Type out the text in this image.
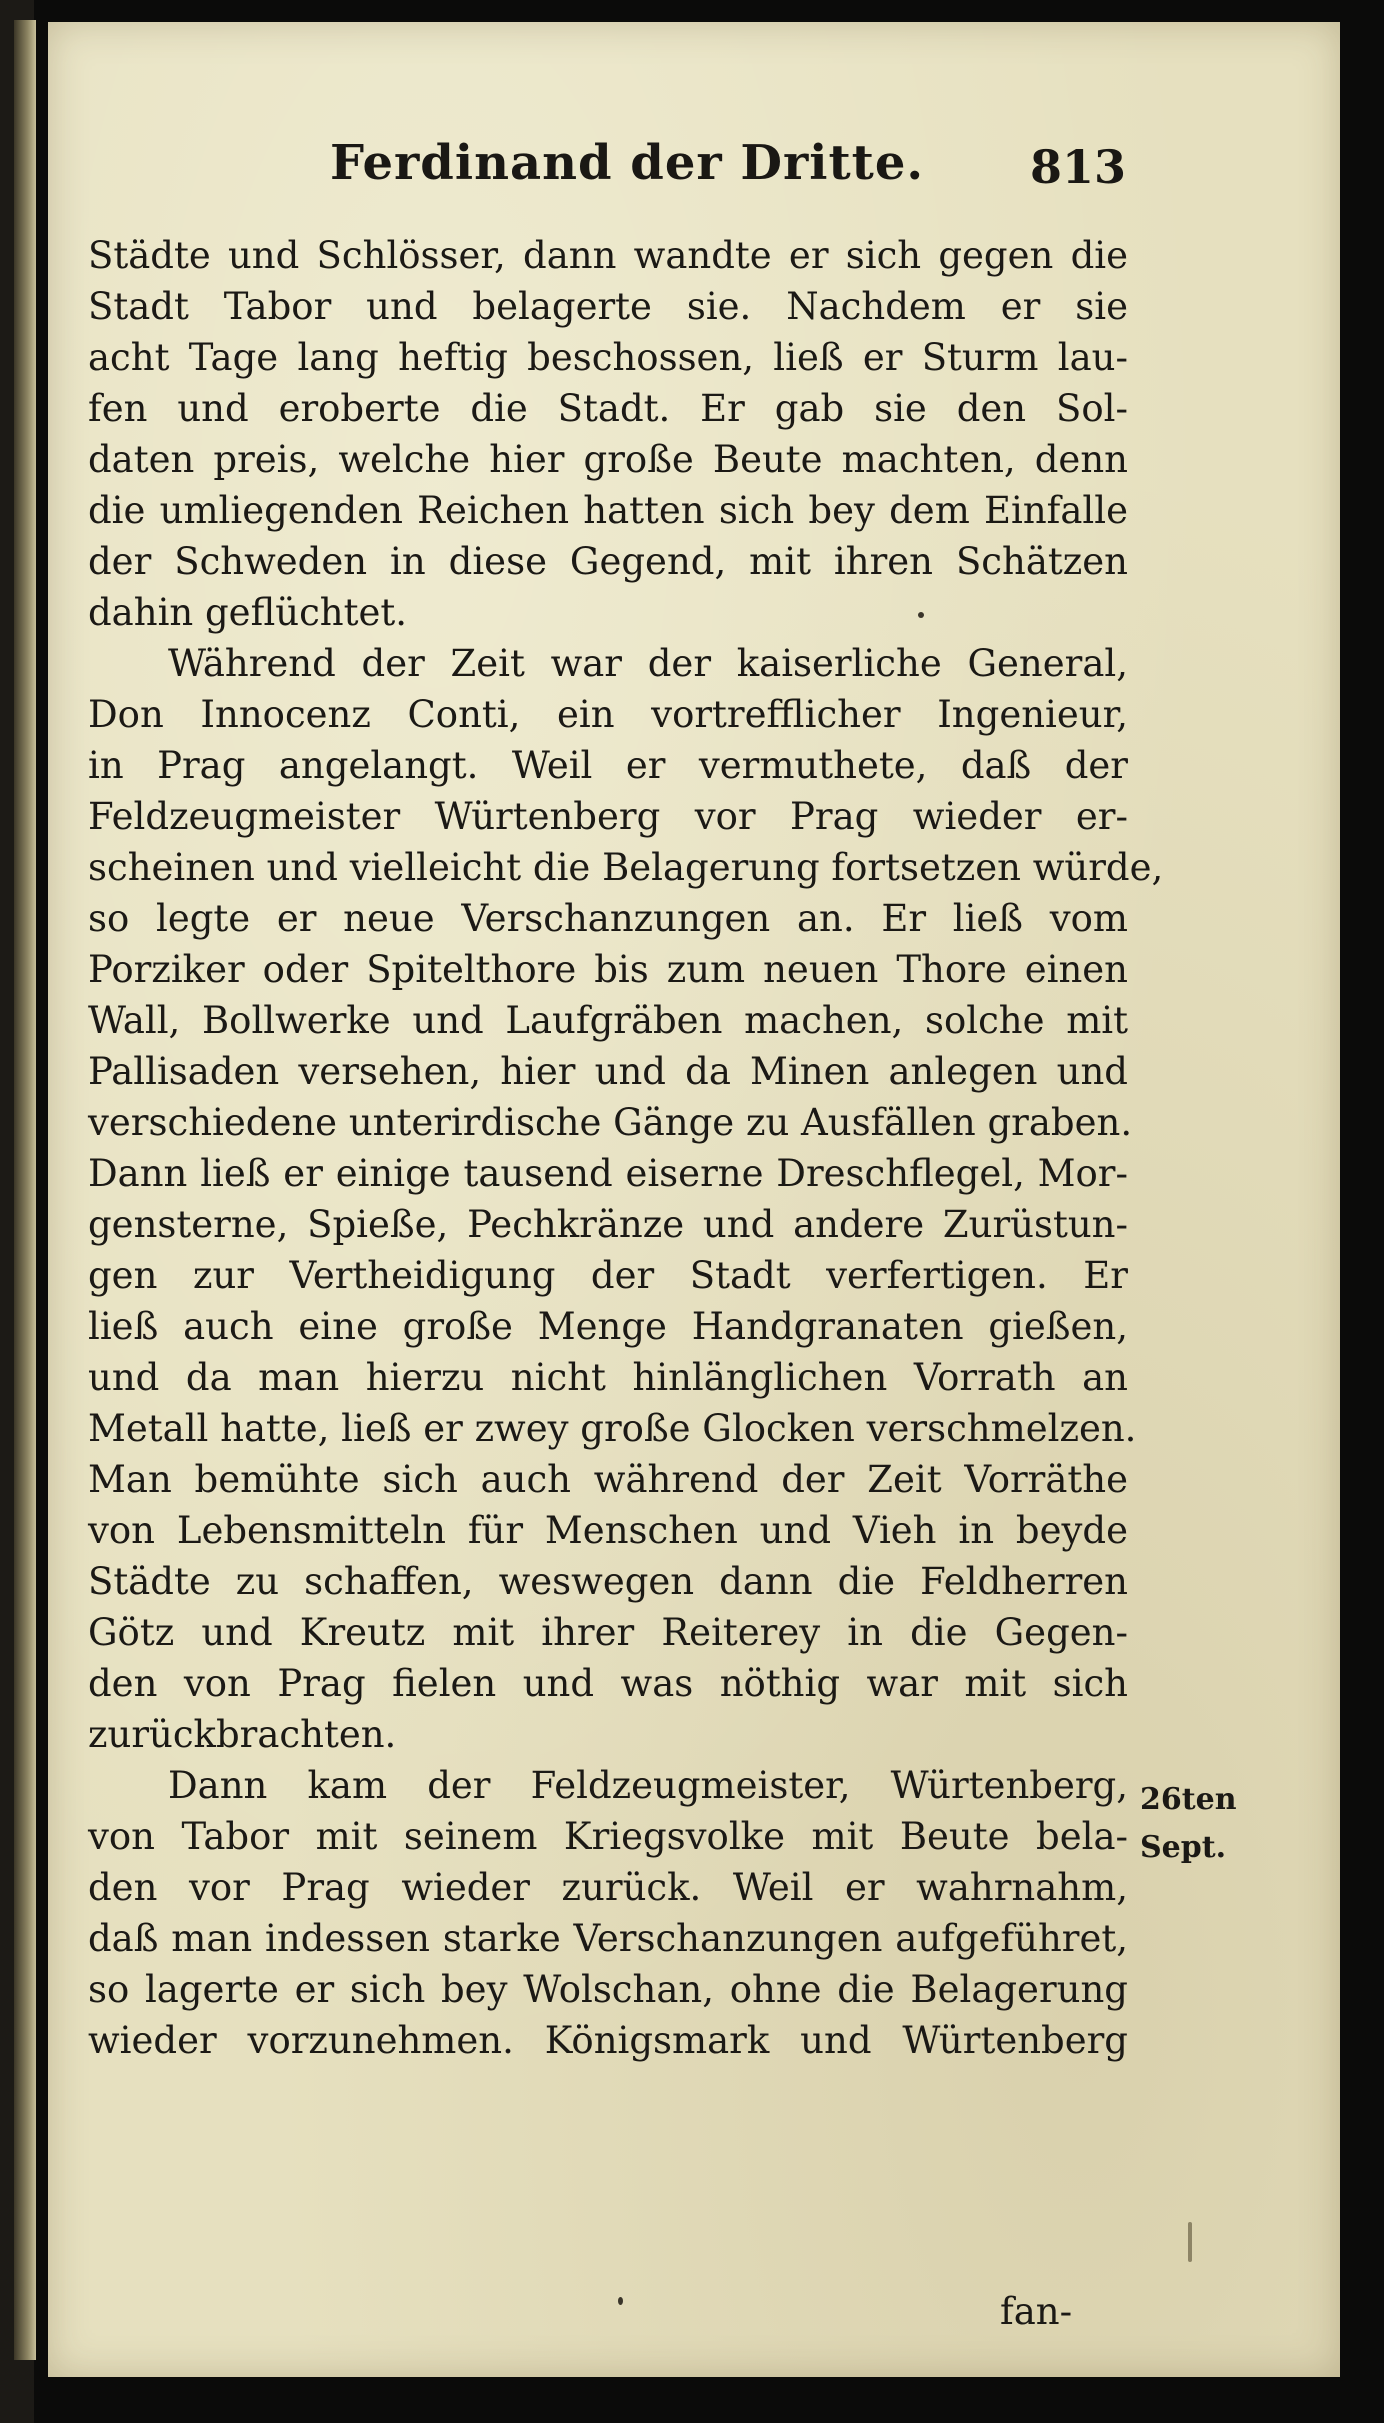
Ferdinand der Dritte. 813
Städte und Schlösser, dann wandte er sich gegen die
Stadt Tabor und belagerte sie. Nachdem er sie
acht Tage lang heftig beschossen, ließ er Sturm lau-
fen und eroberte die Stadt. Er gab sie den Sol-
daten preis, welche hier große Beute machten, denn
die umliegenden Reichen hatten sich bey dem Einfalle
der Schweden in diese Gegend, mit ihren Schätzen
dahin geflüchtet.
Während der Zeit war der kaiserliche General,
Don Innocenz Conti, ein vortrefflicher Ingenieur,
in Prag angelangt. Weil er vermuthete, daß der
Feldzeugmeister Würtenberg vor Prag wieder er-
scheinen und vielleicht die Belagerung fortsetzen würde,
so legte er neue Verschanzungen an. Er ließ vom
Porziker oder Spitelthore bis zum neuen Thore einen
Wall, Bollwerke und Laufgräben machen, solche mit
Pallisaden versehen, hier und da Minen anlegen und
verschiedene unterirdische Gänge zu Ausfällen graben.
Dann ließ er einige tausend eiserne Dreschflegel, Mor-
gensterne, Spieße, Pechkränze und andere Zurüstun-
gen zur Vertheidigung der Stadt verfertigen. Er
ließ auch eine große Menge Handgranaten gießen,
und da man hierzu nicht hinlänglichen Vorrath an
Metall hatte, ließ er zwey große Glocken verschmelzen.
Man bemühte sich auch während der Zeit Vorräthe
von Lebensmitteln für Menschen und Vieh in beyde
Städte zu schaffen, weswegen dann die Feldherren
Götz und Kreutz mit ihrer Reiterey in die Gegen-
den von Prag fielen und was nöthig war mit sich
zurückbrachten.
Dann kam der Feldzeugmeister, Würtenberg,
von Tabor mit seinem Kriegsvolke mit Beute bela-
den vor Prag wieder zurück. Weil er wahrnahm,
daß man indessen starke Verschanzungen aufgeführet,
so lagerte er sich bey Wolschan, ohne die Belagerung
wieder vorzunehmen. Königsmark und Würtenberg
26ten
Sept.
fan-
